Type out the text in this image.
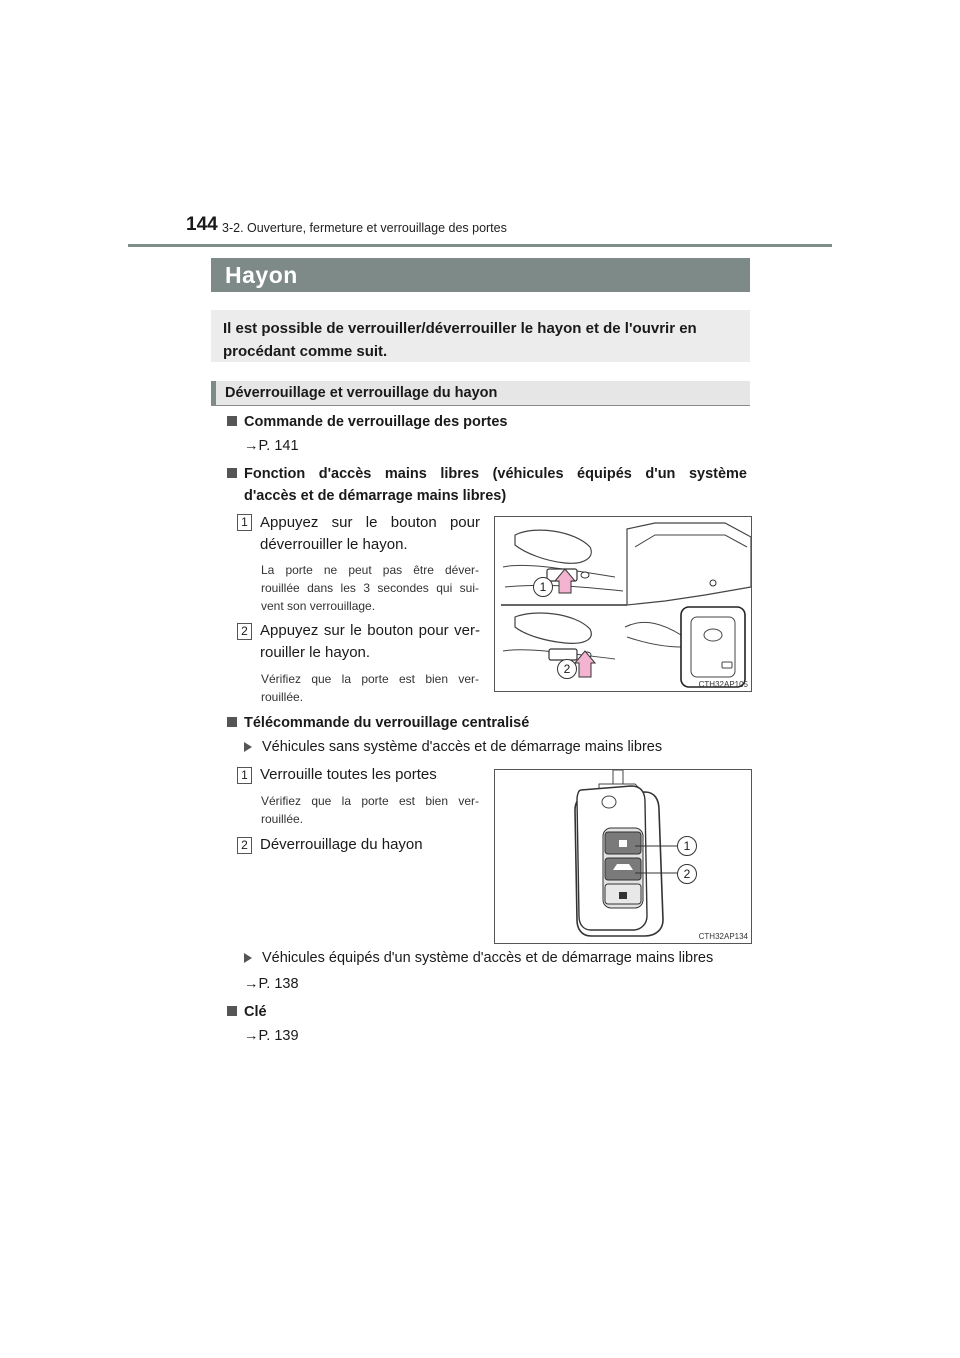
144 3-2. Ouverture, fermeture et verrouillage des portes
Hayon
Il est possible de verrouiller/déverrouiller le hayon et de l'ouvrir en procédant comme suit.
Déverrouillage et verrouillage du hayon
Commande de verrouillage des portes
→P. 141
Fonction d'accès mains libres (véhicules équipés d'un système
d'accès et de démarrage mains libres)
1 Appuyez sur le bouton pour
déverrouiller le hayon.
La porte ne peut pas être déver-
rouillée dans les 3 secondes qui sui-
vent son verrouillage.
2 Appuyez sur le bouton pour ver-
rouiller le hayon.
Vérifiez que la porte est bien ver-
rouillée.
1
2
CTH32AP105
Télécommande du verrouillage centralisé
Véhicules sans système d'accès et de démarrage mains libres
1 Verrouille toutes les portes
Vérifiez que la porte est bien ver-
rouillée.
2 Déverrouillage du hayon	1
2
CTH32AP134
Véhicules équipés d'un système d'accès et de démarrage mains libres
→P. 138
Clé
→P. 139
